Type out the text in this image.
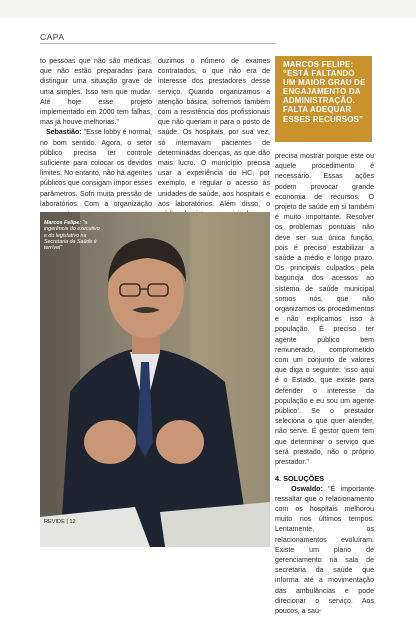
CAPA

to pessoas que não são médicas, que não estão preparadas para distinguir uma situação grave de uma simples. Isso tem que mudar. Até hoje esse projeto implementado em 2000 tem falhas, mas já houve melhorias."

Sebastião: "Esse lobby é normal, no bom sentido. Agora, o setor público precisa ter controle suficiente para colocar os devidos limites. No entanto, não há agentes públicos que consigam impor esses parâmetros. Sofri muita pressão de laboratórios. Com a organização

duzimos o número de exames contratados, o que não era de interesse dos prestadores desse serviço. Quando organizamos a atenção básica, sofremos também com a resistência dos profissionais que não queriam ir para o posto de saúde. Os hospitais, por sua vez, só internavam pacientes de determinadas doenças, as que dão mais lucro. O município precisa usar a experiência do HC, por exemplo, e regular o acesso às unidades de saúde, aos hospitais e aos laboratórios. Além disso, o

MARCOS FELIPE: “ESTÁ FALTANDO UM MAIOR GRAU DE ENGAJAMENTO DA ADMINISTRAÇÃO. FALTA ADEQUAR ESSES RECURSOS”

precisa mostrar porque este ou aquele procedimento é necessário. Essas ações podem provocar grande economia de recursos. O projeto de saúde em si também é muito importante. Resolver os problemas pontuais não deve ser sua única função, pois é preciso estabilizar a saúde a médio e longo prazo. Os principais culpados pela baguncja dos acessos ao sistema de saúde municipal somos nós, que não organizamos os procedimentos e não explicamos isso à população. É preciso ter agente público bem remunerado, comprometido com um conjunto de valores que diga o seguinte: ‘isso aqui é o Estado, que existe para defender o interesse da população e eu sou um agente público’. Se o prestador seleciona o que quer atender, não serve. É gestor quem tem que determinar o serviço que será prestado, não o próprio prestador."

4. SOLUÇÕES

Oswaldo: "É importante ressaltar que o relacionamento com os hospitais melhorou muito nos últimos tempos. Lentamente, os relacionamentos evoluíram. Existe um plano de gerenciamento na sala de secretaria da saúde que informa até a movimentação das ambulâncias e pode direcionar o serviço. Aos poucos, a saú-

Marcos Felipe: "a ingerência do executivo e do legislativo na Secretaria da Saúde é terrível"
REVIDE | 12
